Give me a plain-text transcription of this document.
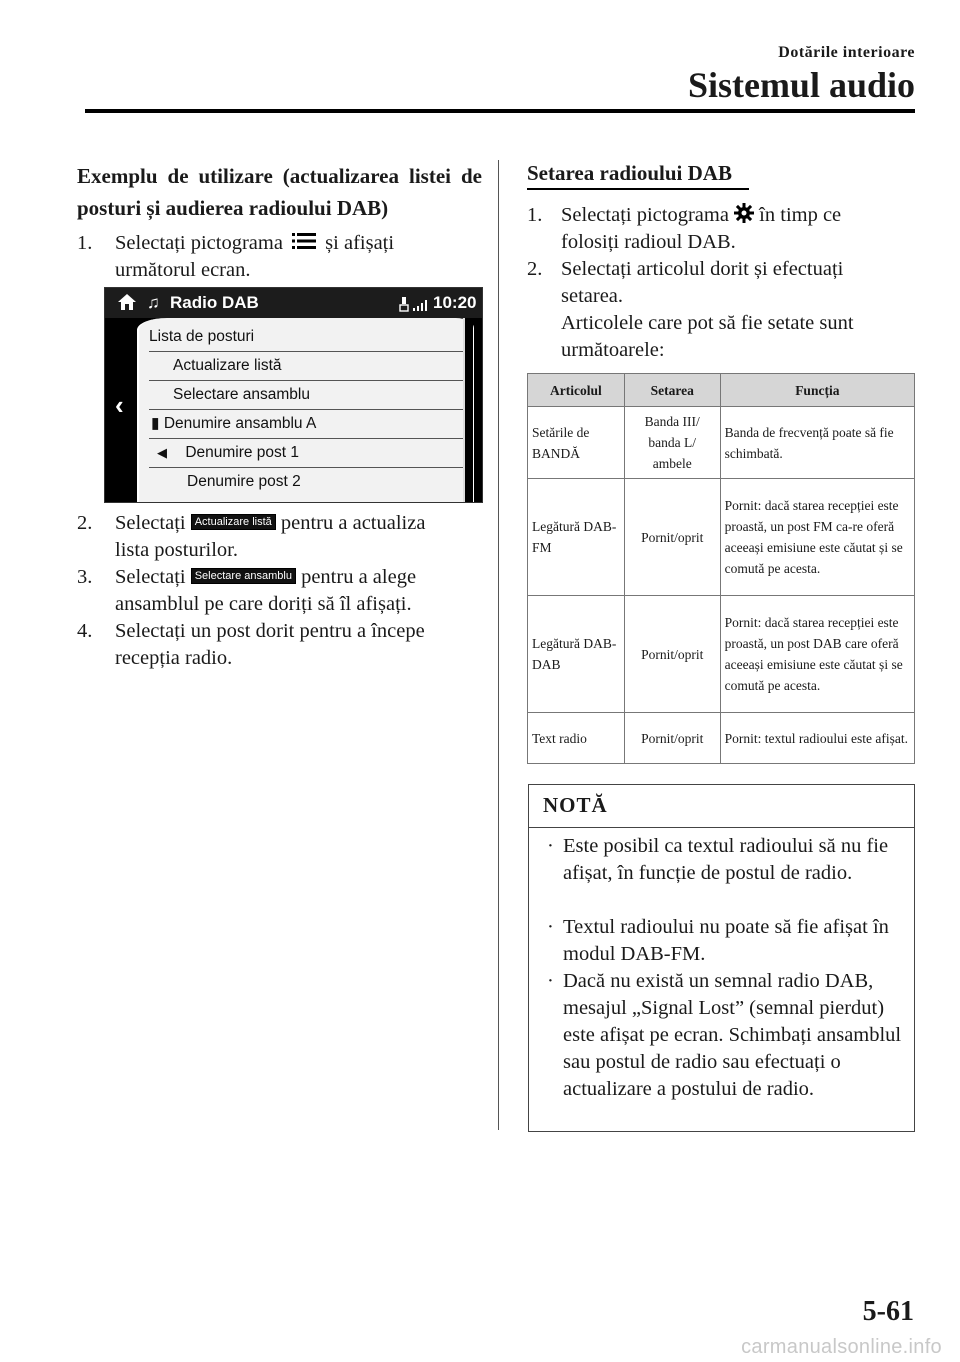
Dotările interioare
Sistemul audio
Exemplu de utilizare (actualizarea listei de posturi și audierea radioului DAB)
1. Selectați pictograma și afișați
următorul ecran.
♫ Radio DAB	10:20
‹
Lista de posturi
Actualizare listă
Selectare ansamblu
▮ Denumire ansamblu A
◀︎ Denumire post 1
Denumire post 2
2. Selectați Actualizare listă pentru a actualiza
lista posturilor.
3. Selectați Selectare ansamblu pentru a alege
ansamblul pe care doriți să îl afișați.
4. Selectați un post dorit pentru a începe
recepția radio.
Setarea radioului DAB
1. Selectați pictograma în timp ce
folosiți radioul DAB.
2. Selectați articolul dorit și efectuați
setarea.
Articolele care pot să fie setate sunt
următoarele:
Articolul	Setarea	Funcția
Setările de BANDĂ	Banda III/ banda L/ ambele	Banda de frecvență poate să fie schimbată.
Legătură DAB-FM	Pornit/oprit	Pornit: dacă starea recepției este proastă, un post FM ca-re oferă aceeași emisiune este căutat și se comută pe acesta.
Legătură DAB-DAB	Pornit/oprit	Pornit: dacă starea recepției este proastă, un post DAB care oferă aceeași emisiune este căutat și se comută pe acesta.
Text radio	Pornit/oprit	Pornit: textul radioului este afișat.
NOTĂ
· Este posibil ca textul radioului să nu fie afișat, în funcție de postul de radio.
· Textul radioului nu poate să fie afișat în modul DAB-FM.
· Dacă nu există un semnal radio DAB, mesajul „Signal Lost” (semnal pierdut) este afișat pe ecran. Schimbați ansamblul sau postul de radio sau efectuați o actualizare a postului de radio.
5-61
carmanualsonline.info
